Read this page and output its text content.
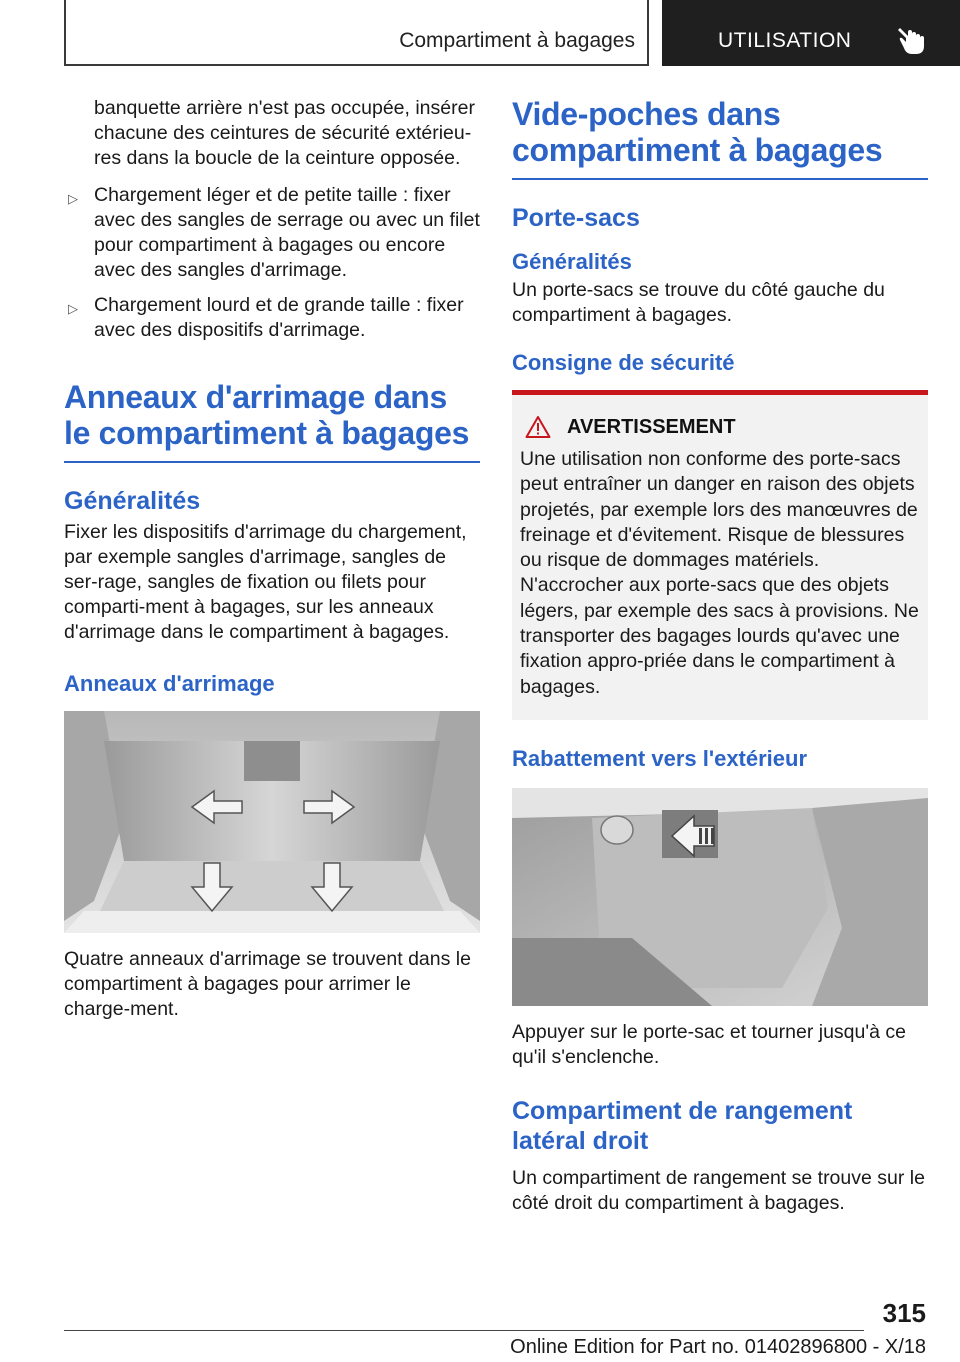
Compartiment à bagages	UTILISATION
banquette arrière n'est pas occupée, insérer chacune des ceintures de sécurité extérieu-res dans la boucle de la ceinture opposée.
▷ Chargement léger et de petite taille : fixer avec des sangles de serrage ou avec un filet pour compartiment à bagages ou encore avec des sangles d'arrimage.
▷ Chargement lourd et de grande taille : fixer avec des dispositifs d'arrimage.
Anneaux d'arrimage dans le compartiment à bagages
Généralités
Fixer les dispositifs d'arrimage du chargement, par exemple sangles d'arrimage, sangles de ser-rage, sangles de fixation ou filets pour comparti-ment à bagages, sur les anneaux d'arrimage dans le compartiment à bagages.
Anneaux d'arrimage
Quatre anneaux d'arrimage se trouvent dans le compartiment à bagages pour arrimer le charge-ment.
Vide-poches dans compartiment à bagages
Porte-sacs
Généralités
Un porte-sacs se trouve du côté gauche du compartiment à bagages.
Consigne de sécurité
AVERTISSEMENT
Une utilisation non conforme des porte-sacs peut entraîner un danger en raison des objets projetés, par exemple lors des manœuvres de freinage et d'évitement. Risque de blessures ou risque de dommages matériels. N'accrocher aux porte-sacs que des objets légers, par exemple des sacs à provisions. Ne transporter des bagages lourds qu'avec une fixation appro-priée dans le compartiment à bagages.
Rabattement vers l'extérieur
Appuyer sur le porte-sac et tourner jusqu'à ce qu'il s'enclenche.
Compartiment de rangement latéral droit
Un compartiment de rangement se trouve sur le côté droit du compartiment à bagages.
315
Online Edition for Part no. 01402896800 - X/18
